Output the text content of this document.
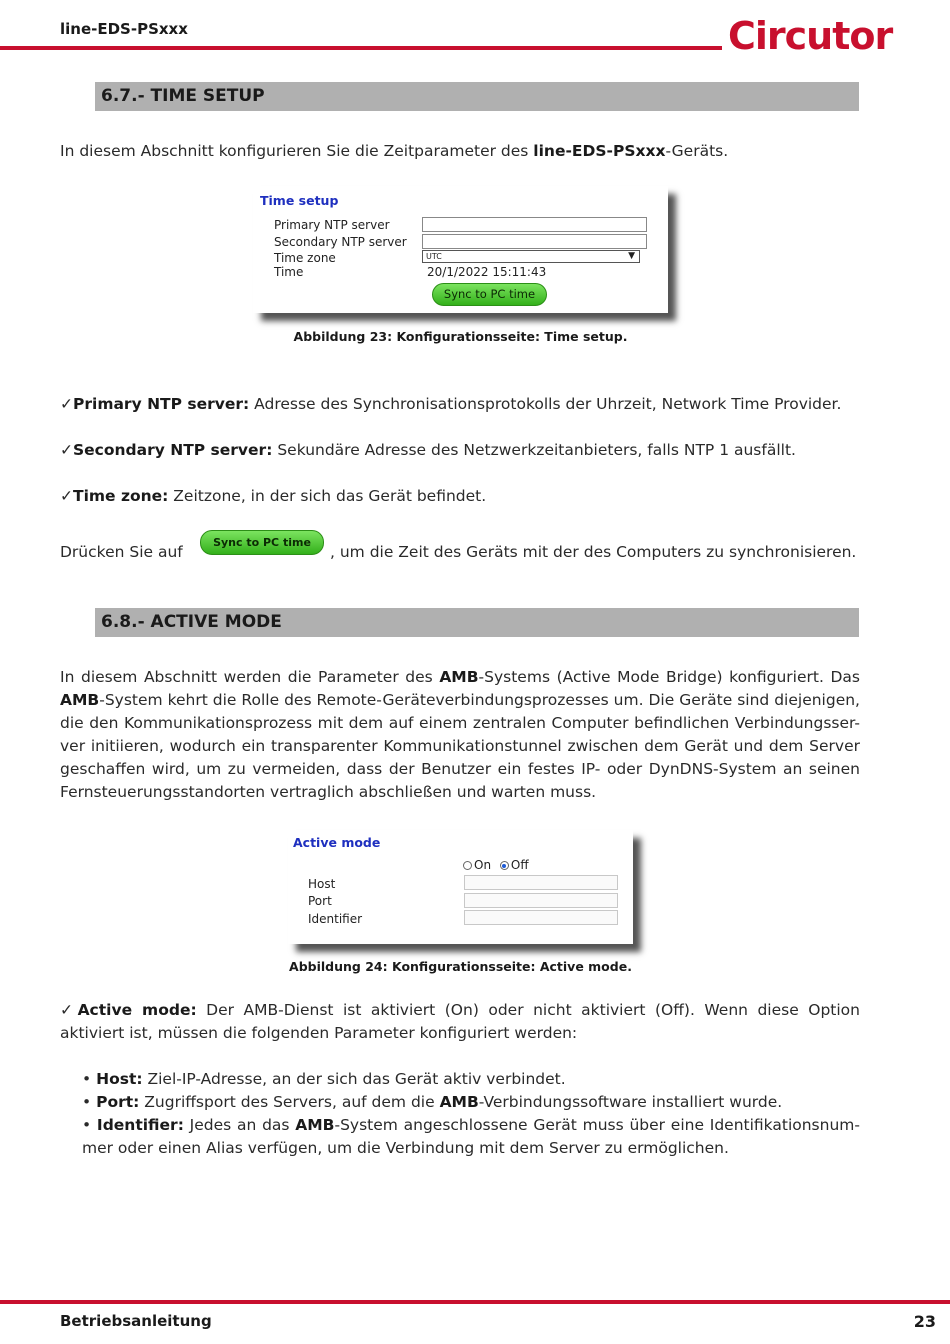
line-EDS-PSxxx	Circutor
6.7.- TIME SETUP
In diesem Abschnitt konfigurieren Sie die Zeitparameter des line-EDS-PSxxx-Geräts.
Time setup
Primary NTP server
Secondary NTP server
Time zone	UTC	▼
Time	20/1/2022 15:11:43
Sync to PC time
Abbildung 23: Konfigurationsseite: Time setup.
✓Primary NTP server: Adresse des Synchronisationsprotokolls der Uhrzeit, Network Time Provider.
✓Secondary NTP server: Sekundäre Adresse des Netzwerkzeitanbieters, falls NTP 1 ausfällt.
✓Time zone: Zeitzone, in der sich das Gerät befindet.
Drücken Sie auf
Sync to PC time
, um die Zeit des Geräts mit der des Computers zu synchronisieren.
6.8.- ACTIVE MODE
In diesem Abschnitt werden die Parameter des AMB-Systems (Active Mode Bridge) konfiguriert. Das AMB-System kehrt die Rolle des Remote-Geräteverbindungsprozesses um. Die Geräte sind diejenigen, die den Kommunikationsprozess mit dem auf einem zentralen Computer befindlichen Verbindungsser-ver initiieren, wodurch ein transparenter Kommunikationstunnel zwischen dem Gerät und dem Server geschaffen wird, um zu vermeiden, dass der Benutzer ein festes IP- oder DynDNS-System an seinen Fernsteuerungsstandorten vertraglich abschließen und warten muss.
Active mode
On Off
Host
Port
Identifier
Abbildung 24: Konfigurationsseite: Active mode.
✓Active mode: Der AMB-Dienst ist aktiviert (On) oder nicht aktiviert (Off). Wenn diese Option aktiviert ist, müssen die folgenden Parameter konfiguriert werden:
• Host: Ziel-IP-Adresse, an der sich das Gerät aktiv verbindet.
• Port: Zugriffsport des Servers, auf dem die AMB-Verbindungssoftware installiert wurde.
• Identifier: Jedes an das AMB-System angeschlossene Gerät muss über eine Identifikationsnum-mer oder einen Alias verfügen, um die Verbindung mit dem Server zu ermöglichen.
Betriebsanleitung	23
